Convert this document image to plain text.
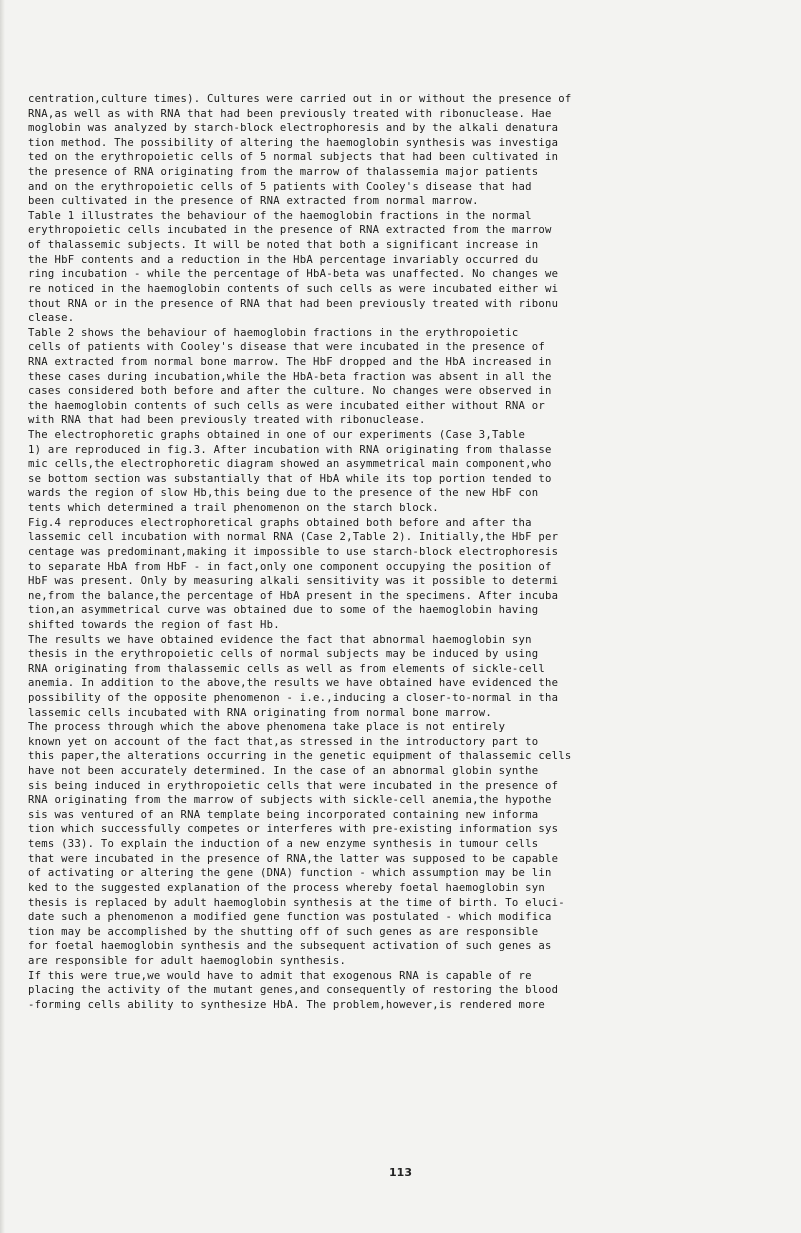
centration,culture times). Cultures were carried out in or without the presence of
RNA,as well as with RNA that had been previously treated with ribonuclease. Hae
moglobin was analyzed by starch-block electrophoresis and by the alkali denatura
tion method. The possibility of altering the haemoglobin synthesis was investiga
ted on the erythropoietic cells of 5 normal subjects that had been cultivated in
the presence of RNA originating from the marrow of thalassemia major patients
and on the erythropoietic cells of 5 patients with Cooley's disease that had
been cultivated in the presence of RNA extracted from normal marrow.
Table 1 illustrates the behaviour of the haemoglobin fractions in the normal
erythropoietic cells incubated in the presence of RNA extracted from the marrow
of thalassemic subjects. It will be noted that both a significant increase in
the HbF contents and a reduction in the HbA percentage invariably occurred du
ring incubation - while the percentage of HbA-beta was unaffected. No changes we
re noticed in the haemoglobin contents of such cells as were incubated either wi
thout RNA or in the presence of RNA that had been previously treated with ribonu
clease.
Table 2 shows the behaviour of haemoglobin fractions in the erythropoietic
cells of patients with Cooley's disease that were incubated in the presence of
RNA extracted from normal bone marrow. The HbF dropped and the HbA increased in
these cases during incubation,while the HbA-beta fraction was absent in all the
cases considered both before and after the culture. No changes were observed in
the haemoglobin contents of such cells as were incubated either without RNA or
with RNA that had been previously treated with ribonuclease.
The electrophoretic graphs obtained in one of our experiments (Case 3,Table
1) are reproduced in fig.3. After incubation with RNA originating from thalasse
mic cells,the electrophoretic diagram showed an asymmetrical main component,who
se bottom section was substantially that of HbA while its top portion tended to
wards the region of slow Hb,this being due to the presence of the new HbF con
tents which determined a trail phenomenon on the starch block.
Fig.4 reproduces electrophoretical graphs obtained both before and after tha
lassemic cell incubation with normal RNA (Case 2,Table 2). Initially,the HbF per
centage was predominant,making it impossible to use starch-block electrophoresis
to separate HbA from HbF - in fact,only one component occupying the position of
HbF was present. Only by measuring alkali sensitivity was it possible to determi
ne,from the balance,the percentage of HbA present in the specimens. After incuba
tion,an asymmetrical curve was obtained due to some of the haemoglobin having
shifted towards the region of fast Hb.
The results we have obtained evidence the fact that abnormal haemoglobin syn
thesis in the erythropoietic cells of normal subjects may be induced by using
RNA originating from thalassemic cells as well as from elements of sickle-cell
anemia. In addition to the above,the results we have obtained have evidenced the
possibility of the opposite phenomenon - i.e.,inducing a closer-to-normal in tha
lassemic cells incubated with RNA originating from normal bone marrow.
The process through which the above phenomena take place is not entirely
known yet on account of the fact that,as stressed in the introductory part to
this paper,the alterations occurring in the genetic equipment of thalassemic cells
have not been accurately determined. In the case of an abnormal globin synthe
sis being induced in erythropoietic cells that were incubated in the presence of
RNA originating from the marrow of subjects with sickle-cell anemia,the hypothe
sis was ventured of an RNA template being incorporated containing new informa
tion which successfully competes or interferes with pre-existing information sys
tems (33). To explain the induction of a new enzyme synthesis in tumour cells
that were incubated in the presence of RNA,the latter was supposed to be capable
of activating or altering the gene (DNA) function - which assumption may be lin
ked to the suggested explanation of the process whereby foetal haemoglobin syn
thesis is replaced by adult haemoglobin synthesis at the time of birth. To eluci-
date such a phenomenon a modified gene function was postulated - which modifica
tion may be accomplished by the shutting off of such genes as are responsible
for foetal haemoglobin synthesis and the subsequent activation of such genes as
are responsible for adult haemoglobin synthesis.
If this were true,we would have to admit that exogenous RNA is capable of re
placing the activity of the mutant genes,and consequently of restoring the blood
-forming cells ability to synthesize HbA. The problem,however,is rendered more
113
